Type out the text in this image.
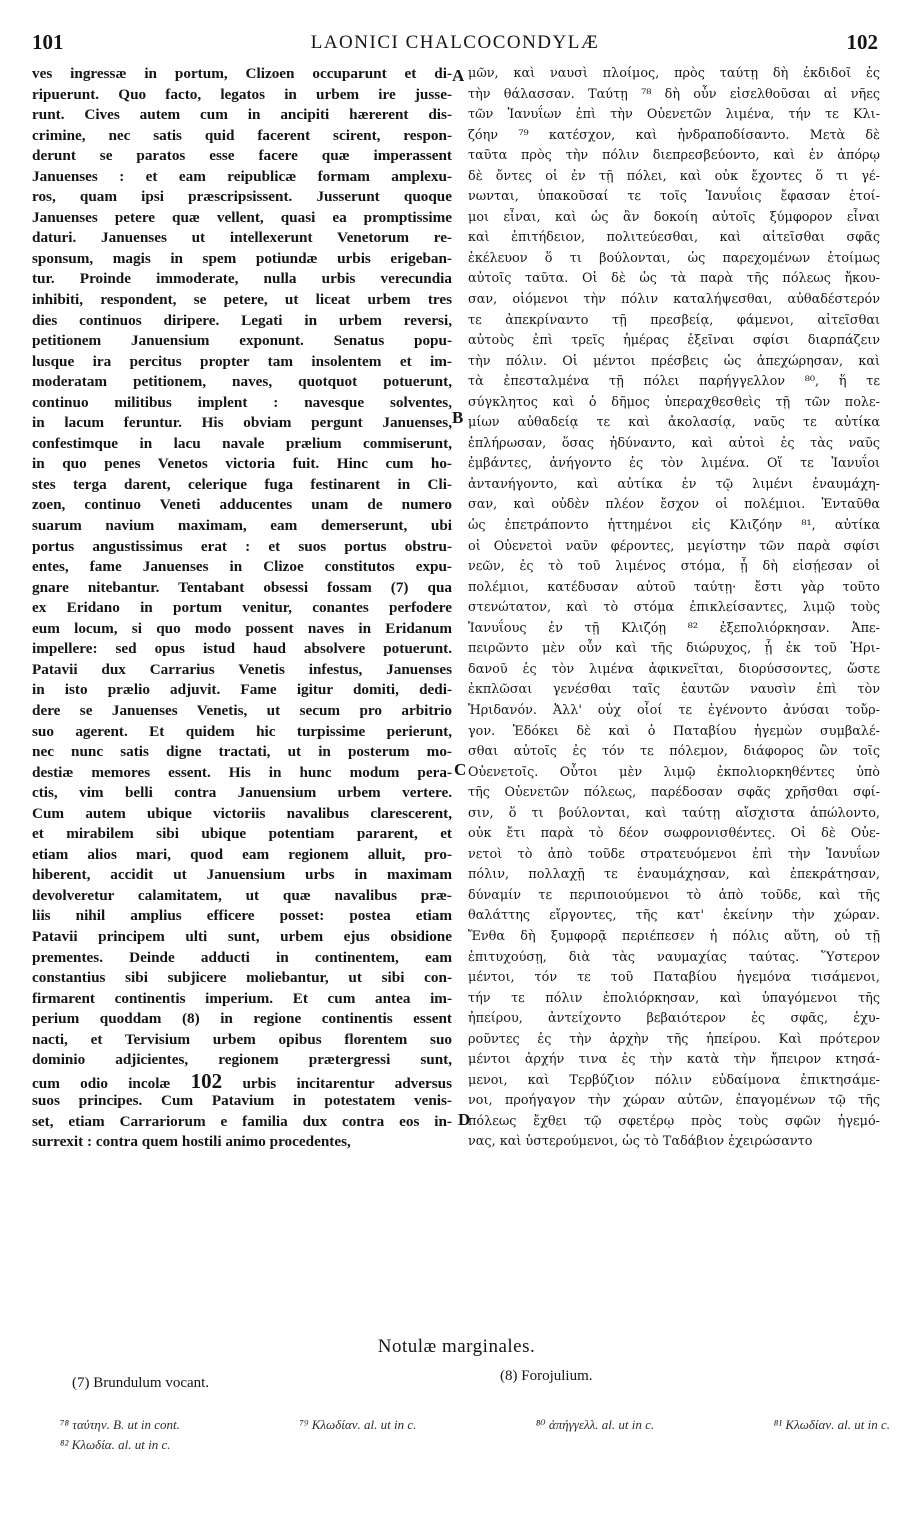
101	LAONICI CHALCOCONDYLÆ	102
ves ingressæ in portum, Clizoen occuparunt et di-
ripuerunt. Quo facto, legatos in urbem ire jusse-
runt. Cives autem cum in ancipiti hærerent dis-
crimine, nec satis quid facerent scirent, respon-
derunt se paratos esse facere quæ imperassent
Januenses : et eam reipublicæ formam amplexu-
ros, quam ipsi præscripsissent. Jusserunt quoque
Januenses petere quæ vellent, quasi ea promptissime
daturi. Januenses ut intellexerunt Venetorum re-
sponsum, magis in spem potiundæ urbis erigeban-
tur. Proinde immoderate, nulla urbis verecundia
inhibiti, respondent, se petere, ut liceat urbem tres
dies continuos diripere. Legati in urbem reversi,
petitionem Januensium exponunt. Senatus popu-
lusque ira percitus propter tam insolentem et im-
moderatam petitionem, naves, quotquot potuerunt,
continuo militibus implent : navesque solventes,
in lacum feruntur. His obviam pergunt Januenses,
confestimque in lacu navale prælium commiserunt,
in quo penes Venetos victoria fuit. Hinc cum ho-
stes terga darent, celerique fuga festinarent in Cli-
zoen, continuo Veneti adducentes unam de numero
suarum navium maximam, eam demerserunt, ubi
portus angustissimus erat : et suos portus obstru-
entes, fame Januenses in Clizoe constitutos expu-
gnare nitebantur. Tentabant obsessi fossam (7) qua
ex Eridano in portum venitur, conantes perfodere
eum locum, si quo modo possent naves in Eridanum
impellere: sed opus istud haud absolvere potuerunt.
Patavii dux Carrarius Venetis infestus, Januenses
in isto prælio adjuvit. Fame igitur domiti, dedi-
dere se Januenses Venetis, ut secum pro arbitrio
suo agerent. Et quidem hic turpissime perierunt,
nec nunc satis digne tractati, ut in posterum mo-
destiæ memores essent. His in hunc modum pera-
ctis, vim belli contra Januensium urbem vertere.
Cum autem ubique victoriis navalibus clarescerent,
et mirabilem sibi ubique potentiam pararent, et
etiam alios mari, quod eam regionem alluit, pro-
hiberent, accidit ut Januensium urbs in maximam
devolveretur calamitatem, ut quæ navalibus præ-
liis nihil amplius efficere posset: postea etiam
Patavii principem ulti sunt, urbem ejus obsidione
prementes. Deinde adducti in continentem, eam
constantius sibi subjicere moliebantur, ut sibi con-
firmarent continentis imperium. Et cum antea im-
perium quoddam (8) in regione continentis essent
nacti, et Tervisium urbem opibus florentem suo
dominio adjicientes, regionem prætergressi sunt,
cum odio incolæ 102 urbis incitarentur adversus
suos principes. Cum Patavium in potestatem venis-
set, etiam Carrariorum e familia dux contra eos in-
surrexit : contra quem hostili animo procedentes,
A
B
C
D
μῶν, καὶ ναυσὶ πλοίμος, πρὸς ταύτῃ δὴ ἐκδιδοῖ ἐς
τὴν θάλασσαν. Ταύτῃ ⁷⁸ δὴ οὖν εἰσελθοῦσαι αἱ νῆες
τῶν Ἰανυΐων ἐπὶ τὴν Οὐενετῶν λιμένα, τήν τε Κλι-
ζόην ⁷⁹ κατέσχον, καὶ ἠνδραποδίσαντο. Μετὰ δὲ
ταῦτα πρὸς τὴν πόλιν διεπρεσβεύοντο, καὶ ἐν ἀπόρῳ
δὲ ὄντες οἱ ἐν τῇ πόλει, καὶ οὐκ ἔχοντες ὅ τι γέ-
νωνται, ὑπακοῦσαί τε τοῖς Ἰανυΐοις ἔφασαν ἑτοί-
μοι εἶναι, καὶ ὡς ἂν δοκοίη αὐτοῖς ξύμφορον εἶναι
καὶ ἐπιτήδειον, πολιτεύεσθαι, καὶ αἰτεῖσθαι σφᾶς
ἐκέλευον ὅ τι βούλονται, ὡς παρεχομένων ἑτοίμως
αὐτοῖς ταῦτα. Οἱ δὲ ὡς τὰ παρὰ τῆς πόλεως ἤκου-
σαν, οἰόμενοι τὴν πόλιν καταλήψεσθαι, αὐθαδέστερόν
τε ἀπεκρίναντο τῇ πρεσβείᾳ, φάμενοι, αἰτεῖσθαι
αὐτοὺς ἐπὶ τρεῖς ἡμέρας ἐξεῖναι σφίσι διαρπάζειν
τὴν πόλιν. Οἱ μέντοι πρέσβεις ὡς ἀπεχώρησαν, καὶ
τὰ ἐπεσταλμένα τῇ πόλει παρήγγελλον ⁸⁰, ἥ τε
σύγκλητος καὶ ὁ δῆμος ὑπεραχθεσθεὶς τῇ τῶν πολε-
μίων αὐθαδείᾳ τε καὶ ἀκολασίᾳ, ναῦς τε αὐτίκα
ἐπλήρωσαν, ὅσας ἠδύναντο, καὶ αὐτοὶ ἐς τὰς ναῦς
ἐμβάντες, ἀνήγοντο ἐς τὸν λιμένα. Οἵ τε Ἰανυΐοι
ἀντανήγοντο, καὶ αὐτίκα ἐν τῷ λιμένι ἐναυμάχη-
σαν, καὶ οὐδὲν πλέον ἔσχον οἱ πολέμιοι. Ἐνταῦθα
ὡς ἐπετράποντο ἡττημένοι εἰς Κλιζόην ⁸¹, αὐτίκα
οἱ Οὐενετοὶ ναῦν φέροντες, μεγίστην τῶν παρὰ σφίσι
νεῶν, ἐς τὸ τοῦ λιμένος στόμα, ᾗ δὴ εἰσῄεσαν οἱ
πολέμιοι, κατέδυσαν αὐτοῦ ταύτῃ· ἔστι γὰρ τοῦτο
στενώτατον, καὶ τὸ στόμα ἐπικλείσαντες, λιμῷ τοὺς
Ἰανυΐους ἐν τῇ Κλιζόῃ ⁸² ἐξεπολιόρκησαν. Ἀπε-
πειρῶντο μὲν οὖν καὶ τῆς διώρυχος, ᾗ ἐκ τοῦ Ἠρι-
δανοῦ ἐς τὸν λιμένα ἀφικνεῖται, διορύσσοντες, ὥστε
ἐκπλῶσαι γενέσθαι ταῖς ἑαυτῶν ναυσὶν ἐπὶ τὸν
Ἠριδανόν. Ἀλλ' οὐχ οἷοί τε ἐγένοντο ἀνύσαι τοὔρ-
γον. Ἐδόκει δὲ καὶ ὁ Παταβίου ἡγεμὼν συμβαλέ-
σθαι αὐτοῖς ἐς τόν τε πόλεμον, διάφορος ὢν τοῖς
Οὐενετοῖς. Οὗτοι μὲν λιμῷ ἐκπολιορκηθέντες ὑπὸ
τῆς Οὐενετῶν πόλεως, παρέδοσαν σφᾶς χρῆσθαι σφί-
σιν, ὅ τι βούλονται, καὶ ταύτῃ αἴσχιστα ἀπώλοντο,
οὐκ ἔτι παρὰ τὸ δέον σωφρονισθέντες. Οἱ δὲ Οὐε-
νετοὶ τὸ ἀπὸ τοῦδε στρατευόμενοι ἐπὶ τὴν Ἰανυΐων
πόλιν, πολλαχῇ τε ἐναυμάχησαν, καὶ ἐπεκράτησαν,
δύναμίν τε περιποιούμενοι τὸ ἀπὸ τοῦδε, καὶ τῆς
θαλάττης εἴργοντες, τῆς κατ' ἐκείνην τὴν χώραν.
Ἔνθα δὴ ξυμφορᾷ περιέπεσεν ἡ πόλις αὕτη, οὐ τῇ
ἐπιτυχούσῃ, διὰ τὰς ναυμαχίας ταύτας. Ὕστερον
μέντοι, τόν τε τοῦ Παταβίου ἡγεμόνα τισάμενοι,
τήν τε πόλιν ἐπολιόρκησαν, καὶ ὑπαγόμενοι τῆς
ἠπείρου, ἀντείχοντο βεβαιότερον ἐς σφᾶς, ἐχυ-
ροῦντες ἐς τὴν ἀρχὴν τῆς ἠπείρου. Καὶ πρότερον
μέντοι ἀρχήν τινα ἐς τὴν κατὰ τὴν ἤπειρον κτησά-
μενοι, καὶ Τερβύζιον πόλιν εὐδαίμονα ἐπικτησάμε-
νοι, προήγαγον τὴν χώραν αὐτῶν, ἐπαγομένων τῷ τῆς
πόλεως ἔχθει τῷ σφετέρῳ πρὸς τοὺς σφῶν ἡγεμό-
νας, καὶ ὑστερούμενοι, ὡς τὸ Ταδάβιον ἐχειρώσαντο
Notulæ marginales.
(7) Brundulum vocant.	(8) Forojulium.
⁷⁸ ταύτην. B. ut in cont.	⁷⁹ Κλωδίαν. al. ut in c.	⁸⁰ ἀπήγγελλ. al. ut in c.	⁸¹ Κλωδίαν. al. ut in c.
⁸² Κλωδία. al. ut in c.
